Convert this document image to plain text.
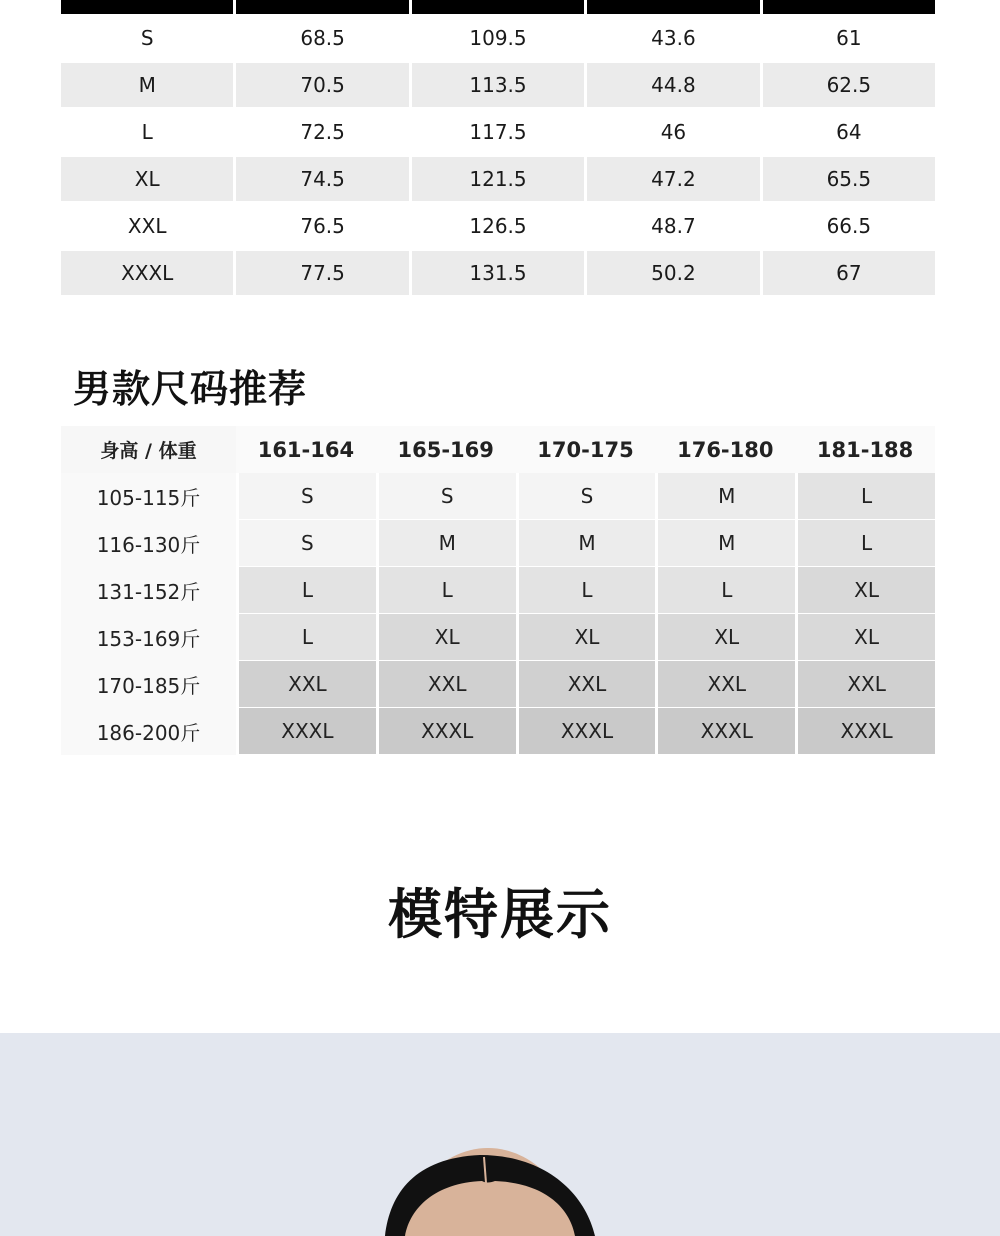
S	68.5	109.5	43.6	61
M	70.5	113.5	44.8	62.5
L	72.5	117.5	46	64
XL	74.5	121.5	47.2	65.5
XXL	76.5	126.5	48.7	66.5
XXXL	77.5	131.5	50.2	67
男款尺码推荐
身高 / 体重	161-164	165-169	170-175	176-180	181-188
105-115斤	S	S	S	M	L
116-130斤	S	M	M	M	L
131-152斤	L	L	L	L	XL
153-169斤	L	XL	XL	XL	XL
170-185斤	XXL	XXL	XXL	XXL	XXL
186-200斤	XXXL	XXXL	XXXL	XXXL	XXXL
模特展示
